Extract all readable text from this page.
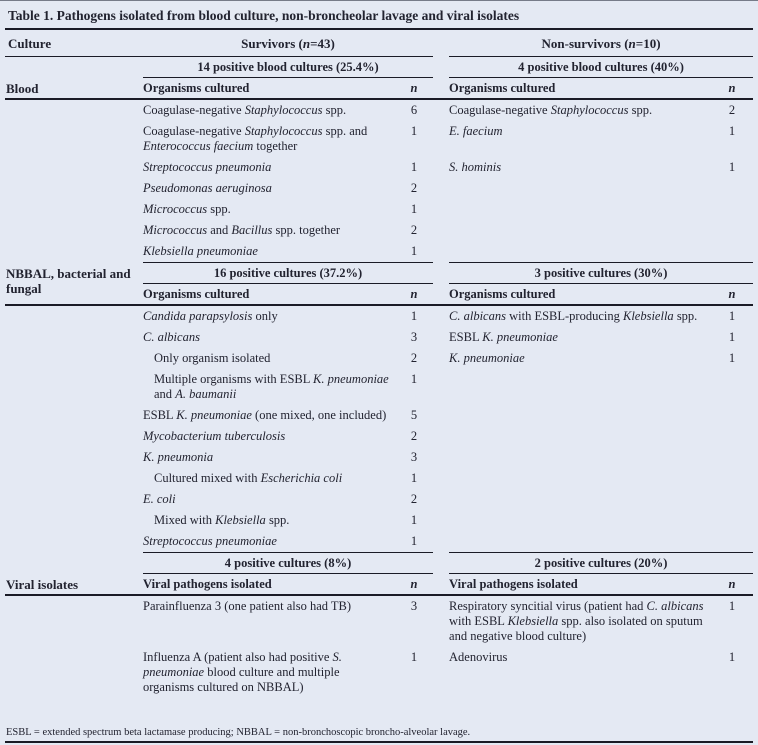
Table 1. Pathogens isolated from blood culture, non-broncheolar lavage and viral isolates
Culture	Survivors (n=43)			Non-survivors (n=10)	
Blood	14 positive blood cultures (25.4%)			4 positive blood cultures (40%)	
	Organisms cultured	n		Organisms cultured	n
	Coagulase-negative Staphylococcus spp.	6		Coagulase-negative Staphylococcus spp.	2
	Coagulase-negative Staphylococcus spp. and Enterococcus faecium together	1		E. faecium	1
	Streptococcus pneumonia	1		S. hominis	1
	Pseudomonas aeruginosa	2			
	Micrococcus spp.	1			
	Micrococcus and Bacillus spp. together	2			
	Klebsiella pneumoniae	1			
NBBAL, bacterial and fungal	16 positive cultures (37.2%)			3 positive cultures (30%)	
	Organisms cultured	n		Organisms cultured	n
	Candida parapsylosis only	1		C. albicans with ESBL-producing Klebsiella spp.	1
	C. albicans	3		ESBL K. pneumoniae	1
	Only organism isolated	2		K. pneumoniae	1
	Multiple organisms with ESBL K. pneumoniae and A. baumanii	1			
	ESBL K. pneumoniae (one mixed, one included)	5			
	Mycobacterium tuberculosis	2			
	K. pneumonia	3			
	Cultured mixed with Escherichia coli	1			
	E. coli	2			
	Mixed with Klebsiella spp.	1			
	Streptococcus pneumoniae	1			
Viral isolates	4 positive cultures (8%)			2 positive cultures (20%)	
	Viral pathogens isolated	n		Viral pathogens isolated	n
	Parainfluenza 3 (one patient also had TB)	3		Respiratory syncitial virus (patient had C. albicans with ESBL Klebsiella spp. also isolated on sputum and negative blood culture)	1
	Influenza A (patient also had positive S. pneumoniae blood culture and multiple organisms cultured on NBBAL)	1		Adenovirus	1
ESBL = extended spectrum beta lactamase producing; NBBAL = non-bronchoscopic broncho-alveolar lavage.
